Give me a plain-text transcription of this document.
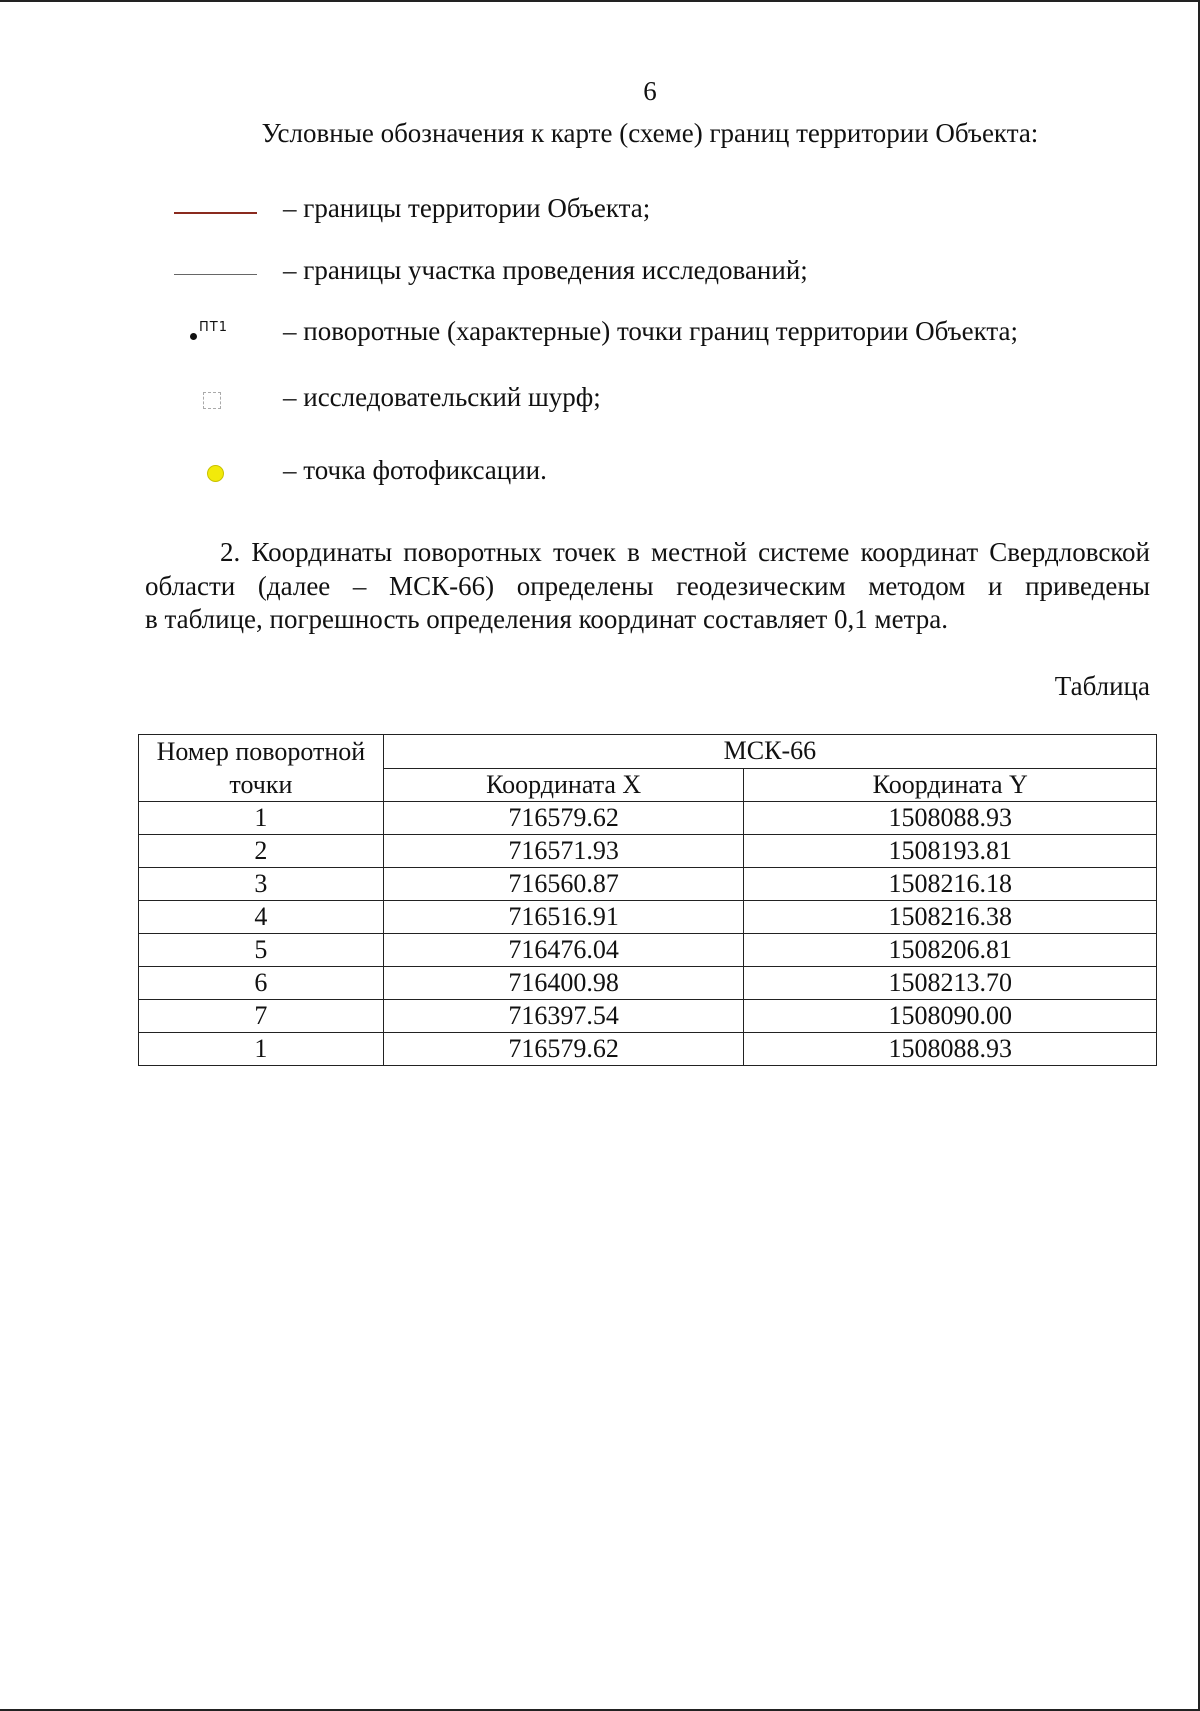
6
Условные обозначения к карте (схеме) границ территории Объекта:
– границы территории Объекта;
– границы участка проведения исследований;
ПТ1 – поворотные (характерные) точки границ территории Объекта;
– исследовательский шурф;
– точка фотофиксации.
2. Координаты поворотных точек в местной системе координат Свердловской
области (далее – МСК-66) определены геодезическим методом и приведены
в таблице, погрешность определения координат составляет 0,1 метра.
Таблица
Номер поворотной точки	МСК-66	
	Координата X	Координата Y
1	716579.62	1508088.93
2	716571.93	1508193.81
3	716560.87	1508216.18
4	716516.91	1508216.38
5	716476.04	1508206.81
6	716400.98	1508213.70
7	716397.54	1508090.00
1	716579.62	1508088.93
